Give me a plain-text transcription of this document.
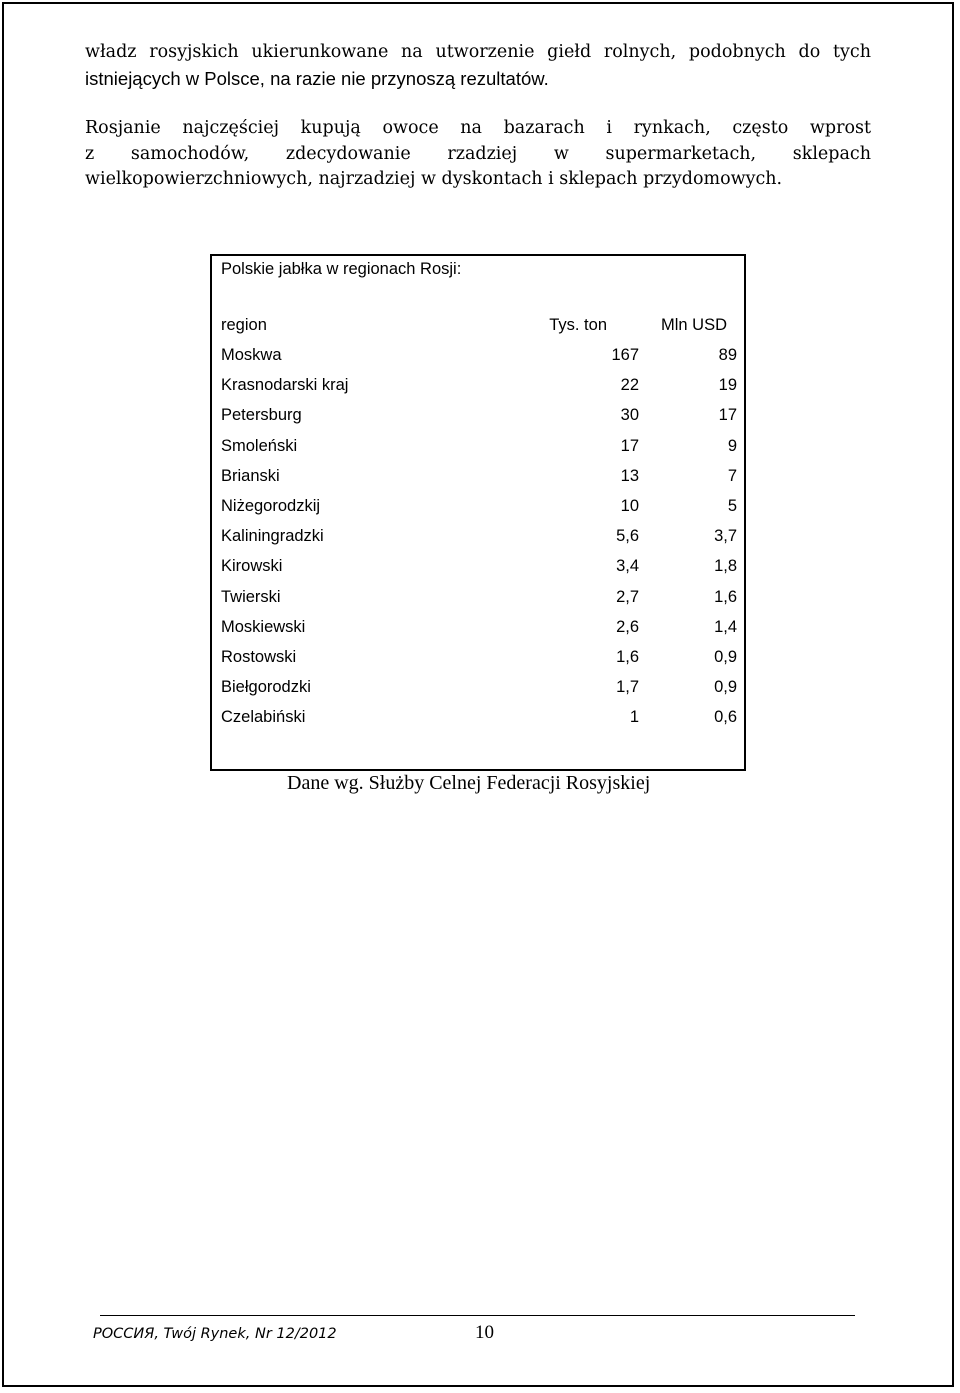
władz rosyjskich ukierunkowane na utworzenie giełd rolnych, podobnych do tych
istniejących w Polsce, na razie nie przynoszą rezultatów.
Rosjanie najczęściej kupują owoce na bazarach i rynkach, często wprost
z samochodów, zdecydowanie rzadziej w supermarketach, sklepach
wielkopowierzchniowych, najrzadziej w dyskontach i sklepach przydomowych.
Polskie jabłka w regionach Rosji:
region	Tys. ton	Mln USD
Moskwa	167	89
Krasnodarski kraj	22	19
Petersburg	30	17
Smoleński	17	9
Brianski	13	7
Niżegorodzkij	10	5
Kaliningradzki	5,6	3,7
Kirowski	3,4	1,8
Twierski	2,7	1,6
Moskiewski	2,6	1,4
Rostowski	1,6	0,9
Biełgorodzki	1,7	0,9
Czelabiński	1	0,6
Dane wg. Służby Celnej Federacji Rosyjskiej
РОССИЯ, Twój Rynek, Nr 12/2012	10
